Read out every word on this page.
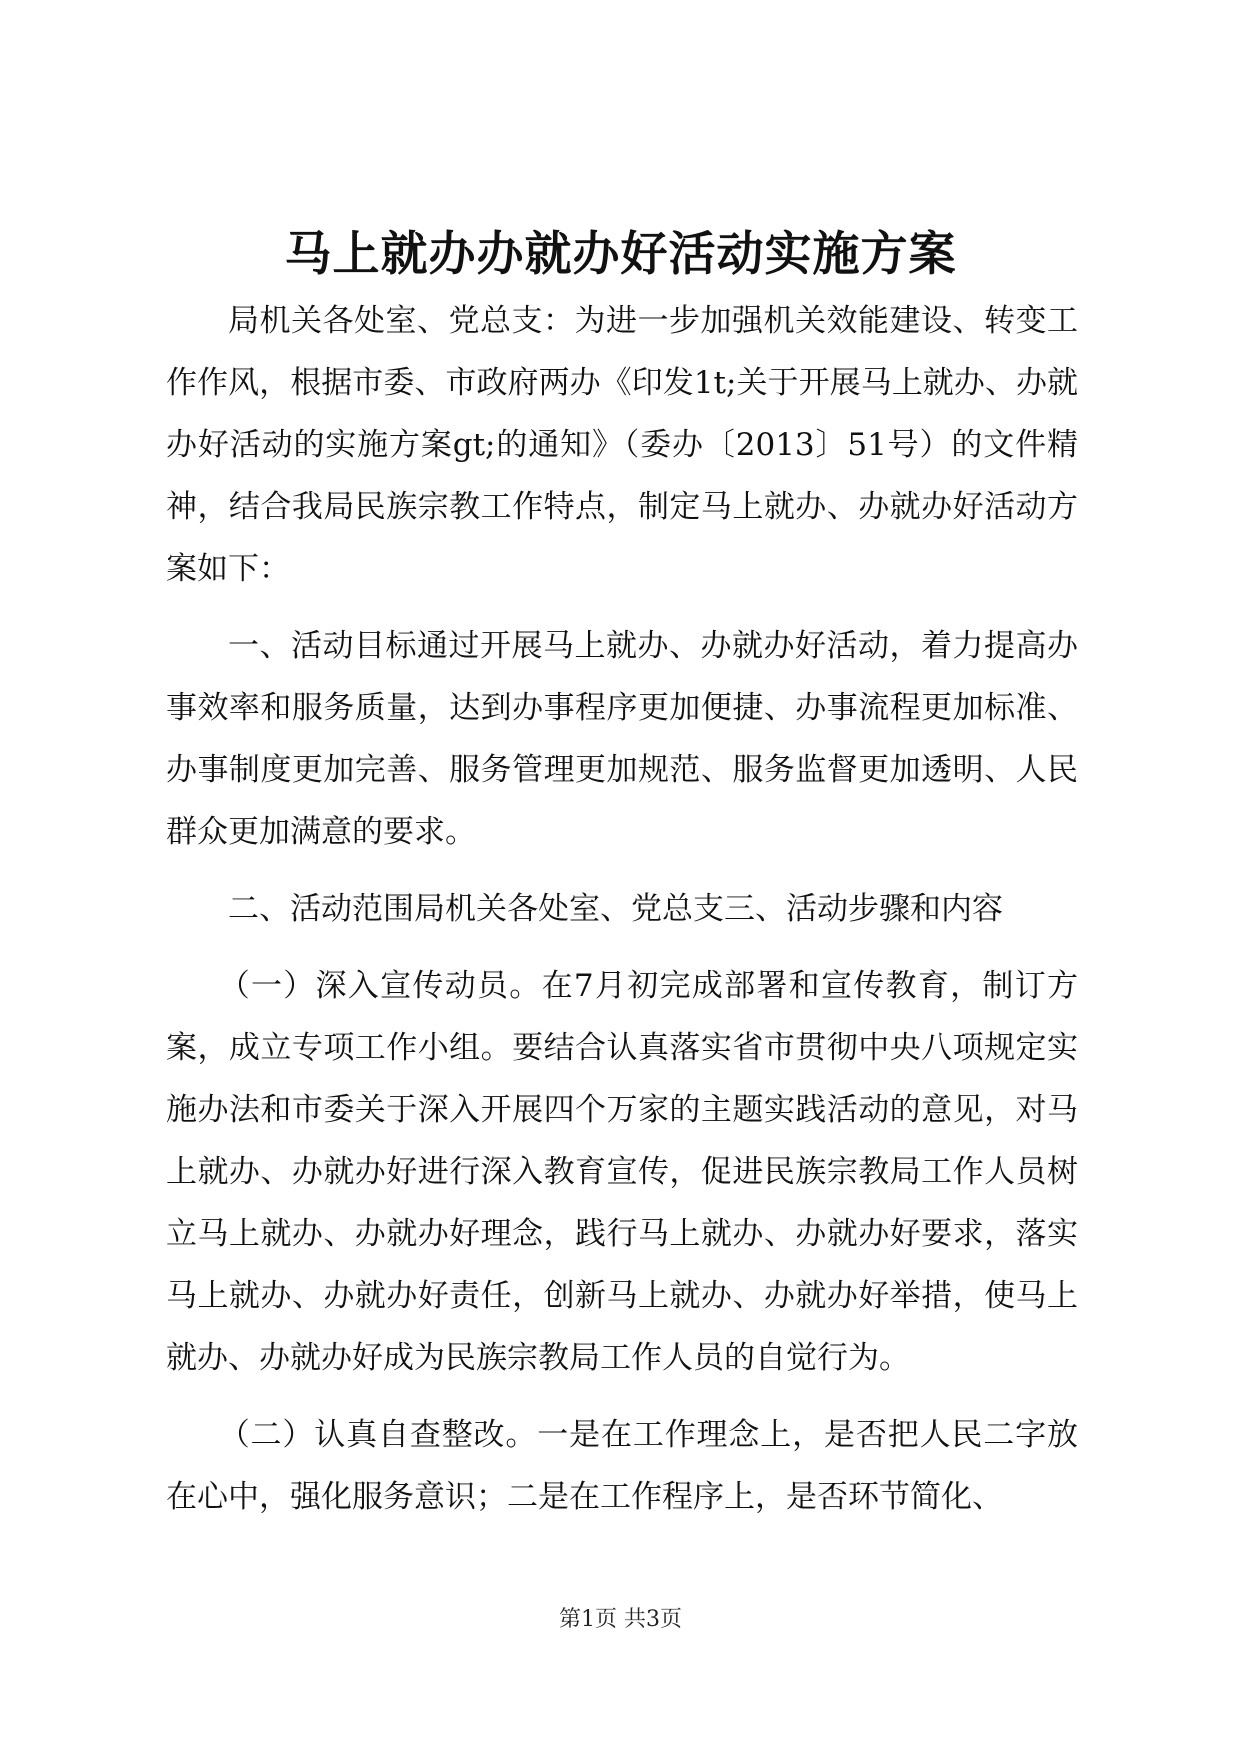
马上就办办就办好活动实施方案

局机关各处室、党总支：为进一步加强机关效能建设、转变工作作风，根据市委、市政府两办《印发1t;关于开展马上就办、办就办好活动的实施方案gt;的通知》（委办〔2013〕51号）的文件精神，结合我局民族宗教工作特点，制定马上就办、办就办好活动方案如下：

一、活动目标通过开展马上就办、办就办好活动，着力提高办事效率和服务质量，达到办事程序更加便捷、办事流程更加标准、办事制度更加完善、服务管理更加规范、服务监督更加透明、人民群众更加满意的要求。

二、活动范围局机关各处室、党总支三、活动步骤和内容

（一）深入宣传动员。在7月初完成部署和宣传教育，制订方案，成立专项工作小组。要结合认真落实省市贯彻中央八项规定实施办法和市委关于深入开展四个万家的主题实践活动的意见，对马上就办、办就办好进行深入教育宣传，促进民族宗教局工作人员树立马上就办、办就办好理念，践行马上就办、办就办好要求，落实马上就办、办就办好责任，创新马上就办、办就办好举措，使马上就办、办就办好成为民族宗教局工作人员的自觉行为。

（二）认真自查整改。一是在工作理念上，是否把人民二字放在心中，强化服务意识；二是在工作程序上，是否环节简化、

第1页 共3页
